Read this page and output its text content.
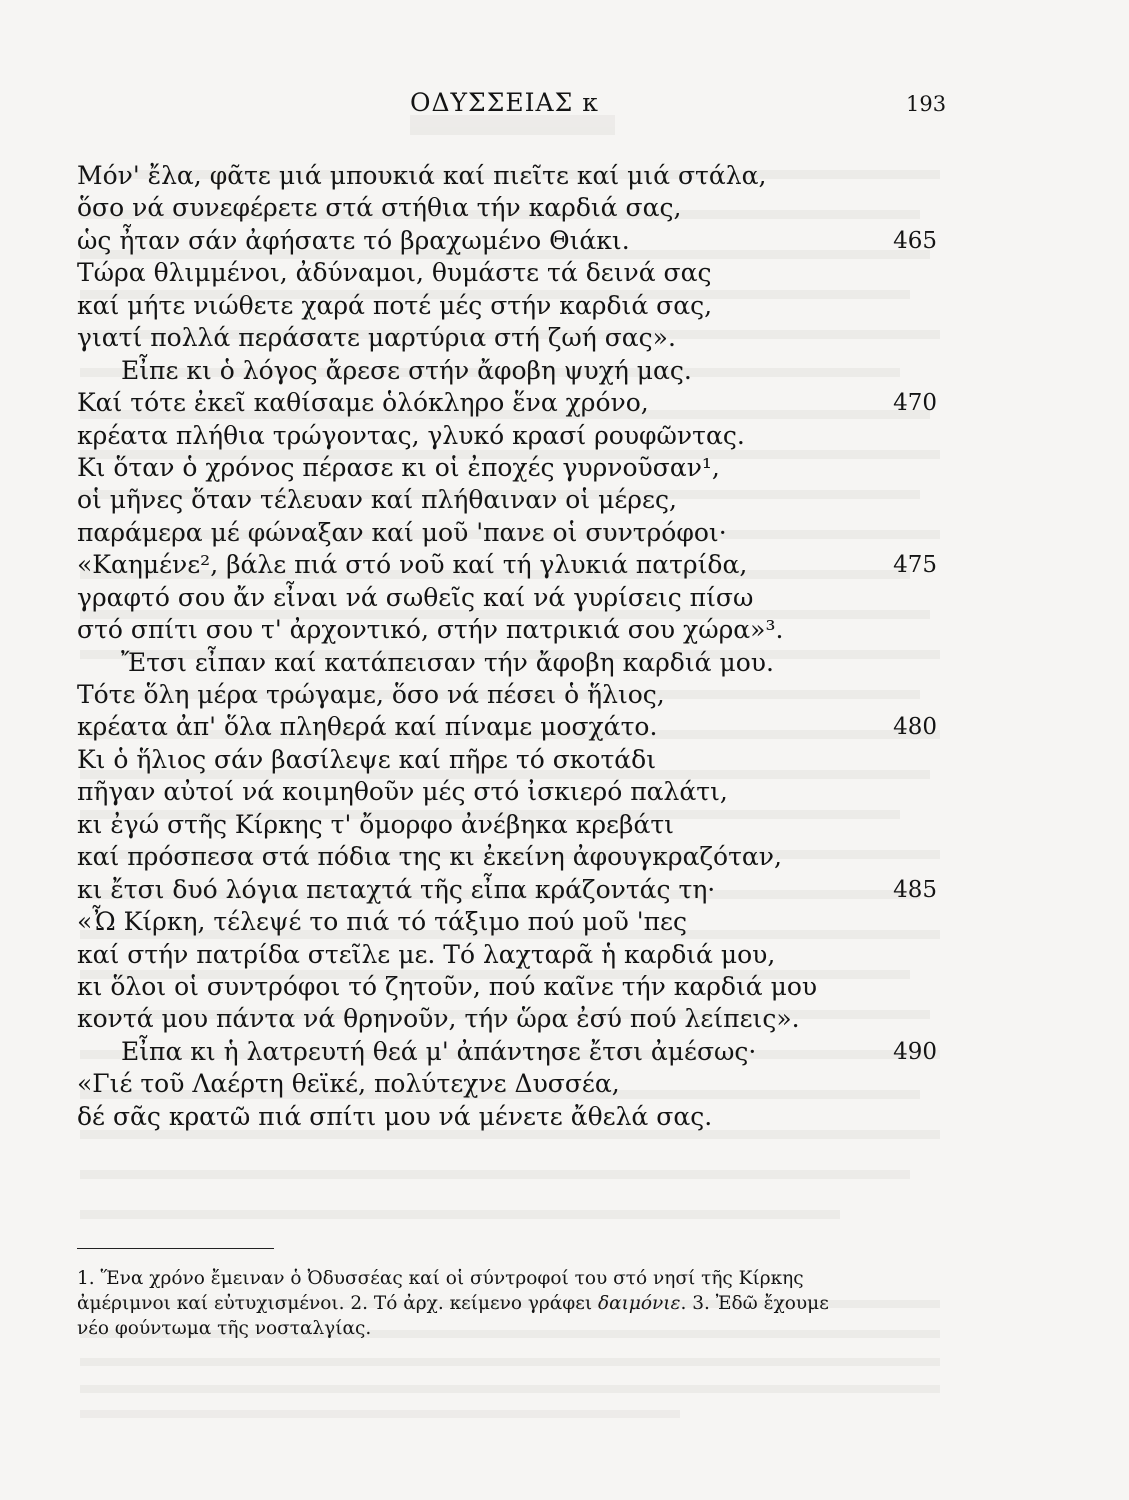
ΟΔΥΣΣΕΙΑΣ κ	193
Μόν' ἔλα, φᾶτε μιά μπουκιά καί πιεῖτε καί μιά στάλα,
ὅσο νά συνεφέρετε στά στήθια τήν καρδιά σας,
ὡς ἦταν σάν ἀφήσατε τό βραχωμένο Θιάκι.	465
Τώρα θλιμμένοι, ἀδύναμοι, θυμάστε τά δεινά σας
καί μήτε νιώθετε χαρά ποτέ μές στήν καρδιά σας,
γιατί πολλά περάσατε μαρτύρια στή ζωή σας».
Εἶπε κι ὁ λόγος ἄρεσε στήν ἄφοβη ψυχή μας.
Καί τότε ἐκεῖ καθίσαμε ὁλόκληρο ἕνα χρόνο,	470
κρέατα πλήθια τρώγοντας, γλυκό κρασί ρουφῶντας.
Κι ὅταν ὁ χρόνος πέρασε κι οἱ ἐποχές γυρνοῦσαν¹,
οἱ μῆνες ὅταν τέλευαν καί πλήθαιναν οἱ μέρες,
παράμερα μέ φώναξαν καί μοῦ 'πανε οἱ συντρόφοι·
«Καημένε², βάλε πιά στό νοῦ καί τή γλυκιά πατρίδα,	475
γραφτό σου ἄν εἶναι νά σωθεῖς καί νά γυρίσεις πίσω
στό σπίτι σου τ' ἀρχοντικό, στήν πατρικιά σου χώρα»³.
Ἔτσι εἶπαν καί κατάπεισαν τήν ἄφοβη καρδιά μου.
Τότε ὅλη μέρα τρώγαμε, ὅσο νά πέσει ὁ ἥλιος,
κρέατα ἀπ' ὅλα πληθερά καί πίναμε μοσχάτο.	480
Κι ὁ ἥλιος σάν βασίλεψε καί πῆρε τό σκοτάδι
πῆγαν αὐτοί νά κοιμηθοῦν μές στό ἰσκιερό παλάτι,
κι ἐγώ στῆς Κίρκης τ' ὄμορφο ἀνέβηκα κρεβάτι
καί πρόσπεσα στά πόδια της κι ἐκείνη ἀφουγκραζόταν,
κι ἔτσι δυό λόγια πεταχτά τῆς εἶπα κράζοντάς τη·	485
«Ὦ Κίρκη, τέλεψέ το πιά τό τάξιμο πού μοῦ 'πες
καί στήν πατρίδα στεῖλε με. Τό λαχταρᾶ ἡ καρδιά μου,
κι ὅλοι οἱ συντρόφοι τό ζητοῦν, πού καῖνε τήν καρδιά μου
κοντά μου πάντα νά θρηνοῦν, τήν ὥρα ἐσύ πού λείπεις».
Εἶπα κι ἡ λατρευτή θεά μ' ἀπάντησε ἔτσι ἀμέσως·	490
«Γιέ τοῦ Λαέρτη θεϊκέ, πολύτεχνε Δυσσέα,
δέ σᾶς κρατῶ πιά σπίτι μου νά μένετε ἄθελά σας.
1. Ἕνα χρόνο ἔμειναν ὁ Ὀδυσσέας καί οἱ σύντροφοί του στό νησί τῆς Κίρκης
ἀμέριμνοι καί εὐτυχισμένοι. 2. Τό ἀρχ. κείμενο γράφει δαιμόνιε. 3. Ἐδῶ ἔχουμε
νέο φούντωμα τῆς νοσταλγίας.
